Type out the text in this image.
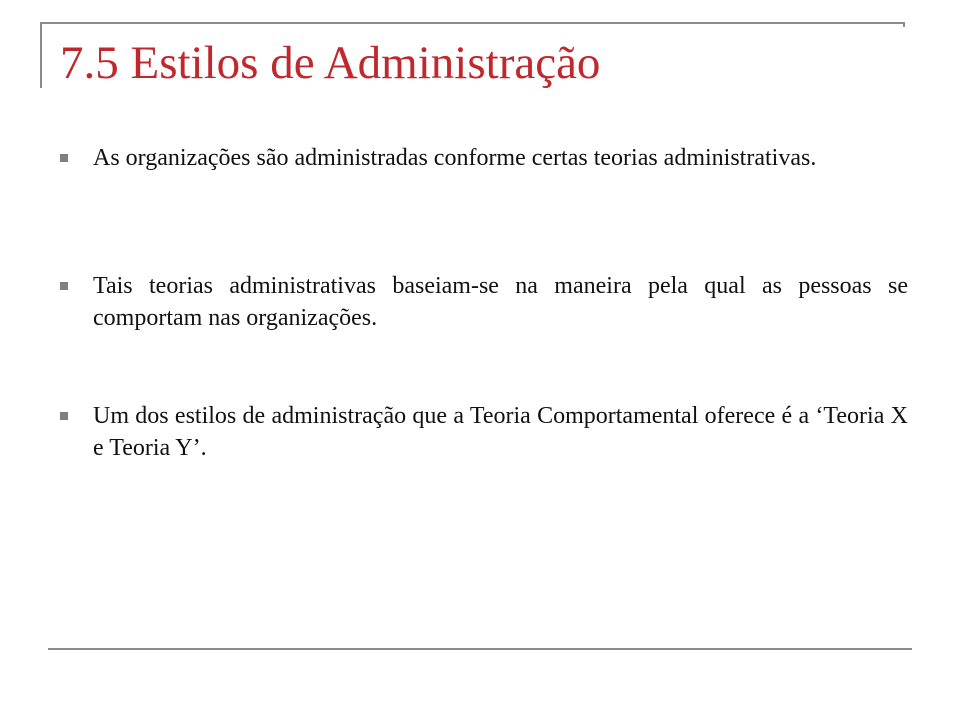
7.5 Estilos de Administração
As organizações são administradas conforme certas teorias administrativas.
Tais teorias administrativas baseiam-se na maneira pela qual as pessoas se comportam nas organizações.
Um dos estilos de administração que a Teoria Comportamental oferece é a ‘Teoria X e Teoria Y’.
